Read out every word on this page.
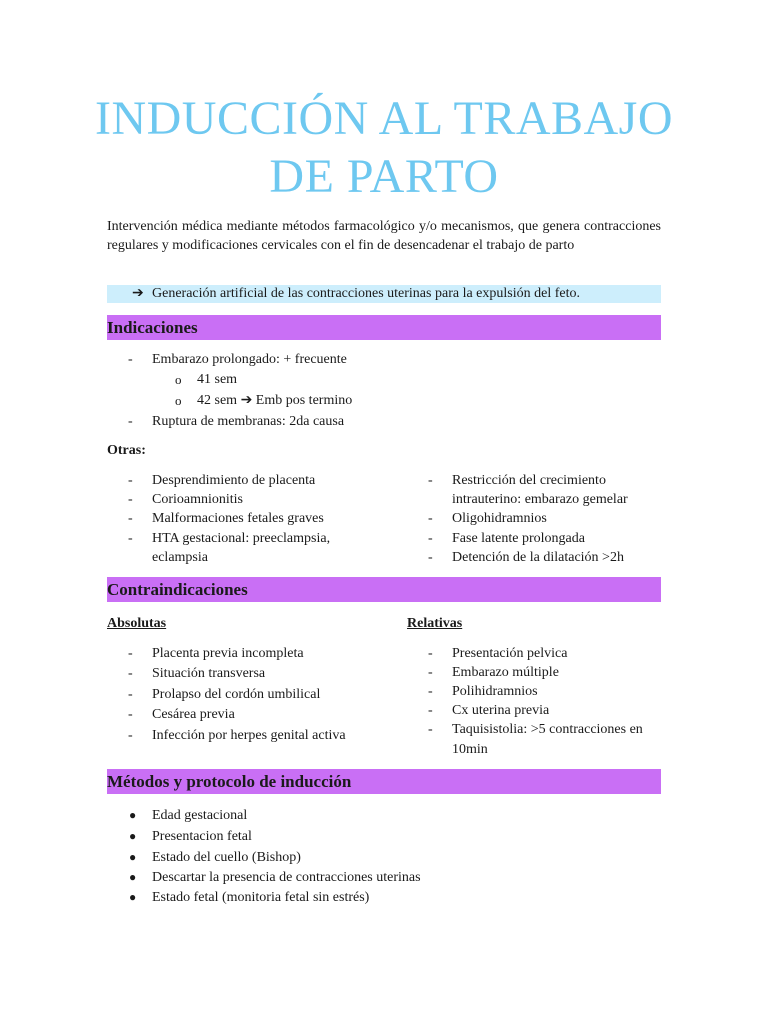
INDUCCIÓN AL TRABAJO
DE PARTO
Intervención médica mediante métodos farmacológico y/o mecanismos, que genera contracciones regulares y modificaciones cervicales con el fin de desencadenar el trabajo de parto
➔ Generación artificial de las contracciones uterinas para la expulsión del feto.
Indicaciones
- Embarazo prolongado: + frecuente
o 41 sem
o 42 sem ➔ Emb pos termino
- Ruptura de membranas: 2da causa
Otras:
- Desprendimiento de placenta
- Corioamnionitis
- Malformaciones fetales graves
- HTA gestacional: preeclampsia,
eclampsia
- Restricción del crecimiento
intrauterino: embarazo gemelar
- Oligohidramnios
- Fase latente prolongada
- Detención de la dilatación >2h
Contraindicaciones
Absolutas	Relativas
- Placenta previa incompleta
- Situación transversa
- Prolapso del cordón umbilical
- Cesárea previa
- Infección por herpes genital activa
- Presentación pelvica
- Embarazo múltiple
- Polihidramnios
- Cx uterina previa
- Taquisistolia: >5 contracciones en
10min
Métodos y protocolo de inducción
● Edad gestacional
● Presentacion fetal
● Estado del cuello (Bishop)
● Descartar la presencia de contracciones uterinas
● Estado fetal (monitoria fetal sin estrés)
